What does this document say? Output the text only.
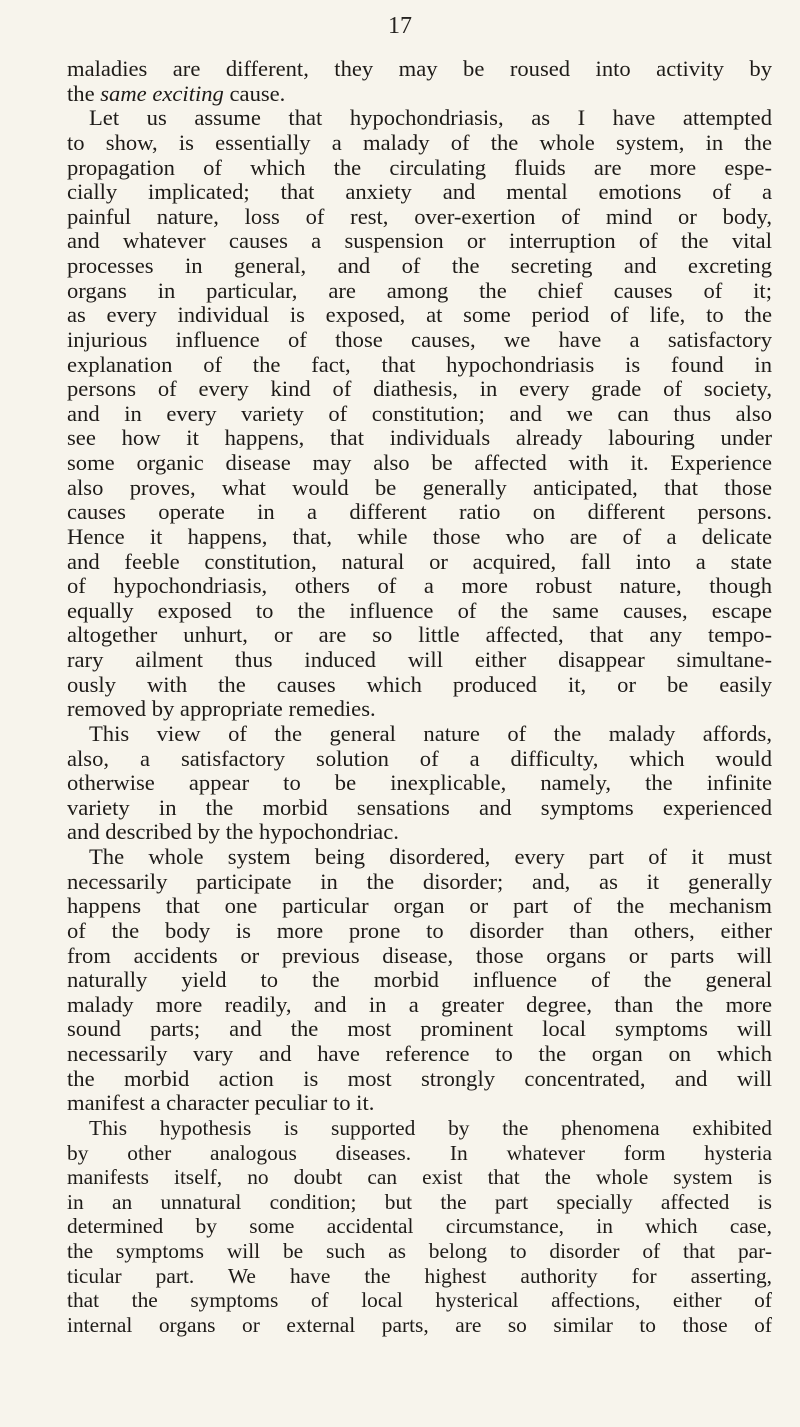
17
maladies are different, they may be roused into activity by
the same exciting cause.
Let us assume that hypochondriasis, as I have attempted
to show, is essentially a malady of the whole system, in the
propagation of which the circulating fluids are more espe-
cially implicated; that anxiety and mental emotions of a
painful nature, loss of rest, over-exertion of mind or body,
and whatever causes a suspension or interruption of the vital
processes in general, and of the secreting and excreting
organs in particular, are among the chief causes of it;
as every individual is exposed, at some period of life, to the
injurious influence of those causes, we have a satisfactory
explanation of the fact, that hypochondriasis is found in
persons of every kind of diathesis, in every grade of society,
and in every variety of constitution; and we can thus also
see how it happens, that individuals already labouring under
some organic disease may also be affected with it. Experience
also proves, what would be generally anticipated, that those
causes operate in a different ratio on different persons.
Hence it happens, that, while those who are of a delicate
and feeble constitution, natural or acquired, fall into a state
of hypochondriasis, others of a more robust nature, though
equally exposed to the influence of the same causes, escape
altogether unhurt, or are so little affected, that any tempo-
rary ailment thus induced will either disappear simultane-
ously with the causes which produced it, or be easily
removed by appropriate remedies.
This view of the general nature of the malady affords,
also, a satisfactory solution of a difficulty, which would
otherwise appear to be inexplicable, namely, the infinite
variety in the morbid sensations and symptoms experienced
and described by the hypochondriac.
The whole system being disordered, every part of it must
necessarily participate in the disorder; and, as it generally
happens that one particular organ or part of the mechanism
of the body is more prone to disorder than others, either
from accidents or previous disease, those organs or parts will
naturally yield to the morbid influence of the general
malady more readily, and in a greater degree, than the more
sound parts; and the most prominent local symptoms will
necessarily vary and have reference to the organ on which
the morbid action is most strongly concentrated, and will
manifest a character peculiar to it.
This hypothesis is supported by the phenomena exhibited
by other analogous diseases. In whatever form hysteria
manifests itself, no doubt can exist that the whole system is
in an unnatural condition; but the part specially affected is
determined by some accidental circumstance, in which case,
the symptoms will be such as belong to disorder of that par-
ticular part. We have the highest authority for asserting,
that the symptoms of local hysterical affections, either of
internal organs or external parts, are so similar to those of
